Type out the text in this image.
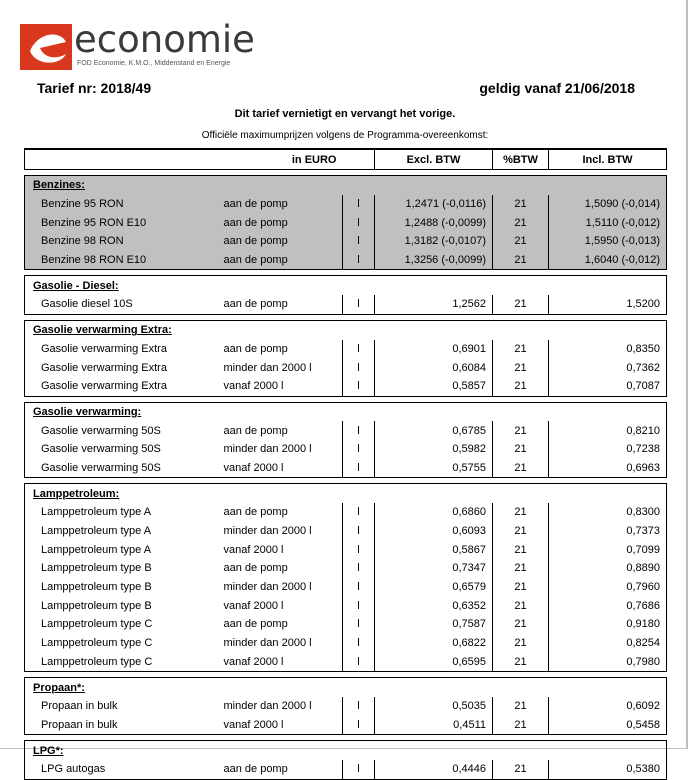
economie
FOD Economie, K.M.O., Middenstand en Energie
Tarief nr: 2018/49	geldig vanaf 21/06/2018
Dit tarief vernietigt en vervangt het vorige.
Officiële maximumprijzen volgens de Programma-overeenkomst:
in EURO			Excl. BTW	%BTW	Incl. BTW

Benzines:					
Benzine 95 RON	aan de pomp	l	1,2471 (-0,0116)	21	1,5090 (-0,014)
Benzine 95 RON E10	aan de pomp	l	1,2488 (-0,0099)	21	1,5110 (-0,012)
Benzine 98 RON	aan de pomp	l	1,3182 (-0,0107)	21	1,5950 (-0,013)
Benzine 98 RON E10	aan de pomp	l	1,3256 (-0,0099)	21	1,6040 (-0,012)

Gasolie - Diesel:					
Gasolie diesel 10S	aan de pomp	l	1,2562	21	1,5200

Gasolie verwarming Extra:					
Gasolie verwarming Extra	aan de pomp	l	0,6901	21	0,8350
Gasolie verwarming Extra	minder dan 2000 l	l	0,6084	21	0,7362
Gasolie verwarming Extra	vanaf 2000 l	l	0,5857	21	0,7087

Gasolie verwarming:					
Gasolie verwarming 50S	aan de pomp	l	0,6785	21	0,8210
Gasolie verwarming 50S	minder dan 2000 l	l	0,5982	21	0,7238
Gasolie verwarming 50S	vanaf 2000 l	l	0,5755	21	0,6963

Lamppetroleum:					
Lamppetroleum type A	aan de pomp	l	0,6860	21	0,8300
Lamppetroleum type A	minder dan 2000 l	l	0,6093	21	0,7373
Lamppetroleum type A	vanaf 2000 l	l	0,5867	21	0,7099
Lamppetroleum type B	aan de pomp	l	0,7347	21	0,8890
Lamppetroleum type B	minder dan 2000 l	l	0,6579	21	0,7960
Lamppetroleum type B	vanaf 2000 l	l	0,6352	21	0,7686
Lamppetroleum type C	aan de pomp	l	0,7587	21	0,9180
Lamppetroleum type C	minder dan 2000 l	l	0,6822	21	0,8254
Lamppetroleum type C	vanaf 2000 l	l	0,6595	21	0,7980

Propaan*:					
Propaan in bulk	minder dan 2000 l	l	0,5035	21	0,6092
Propaan in bulk	vanaf 2000 l	l	0,4511	21	0,5458

LPG*:					
LPG autogas	aan de pomp	l	0,4446	21	0,5380
